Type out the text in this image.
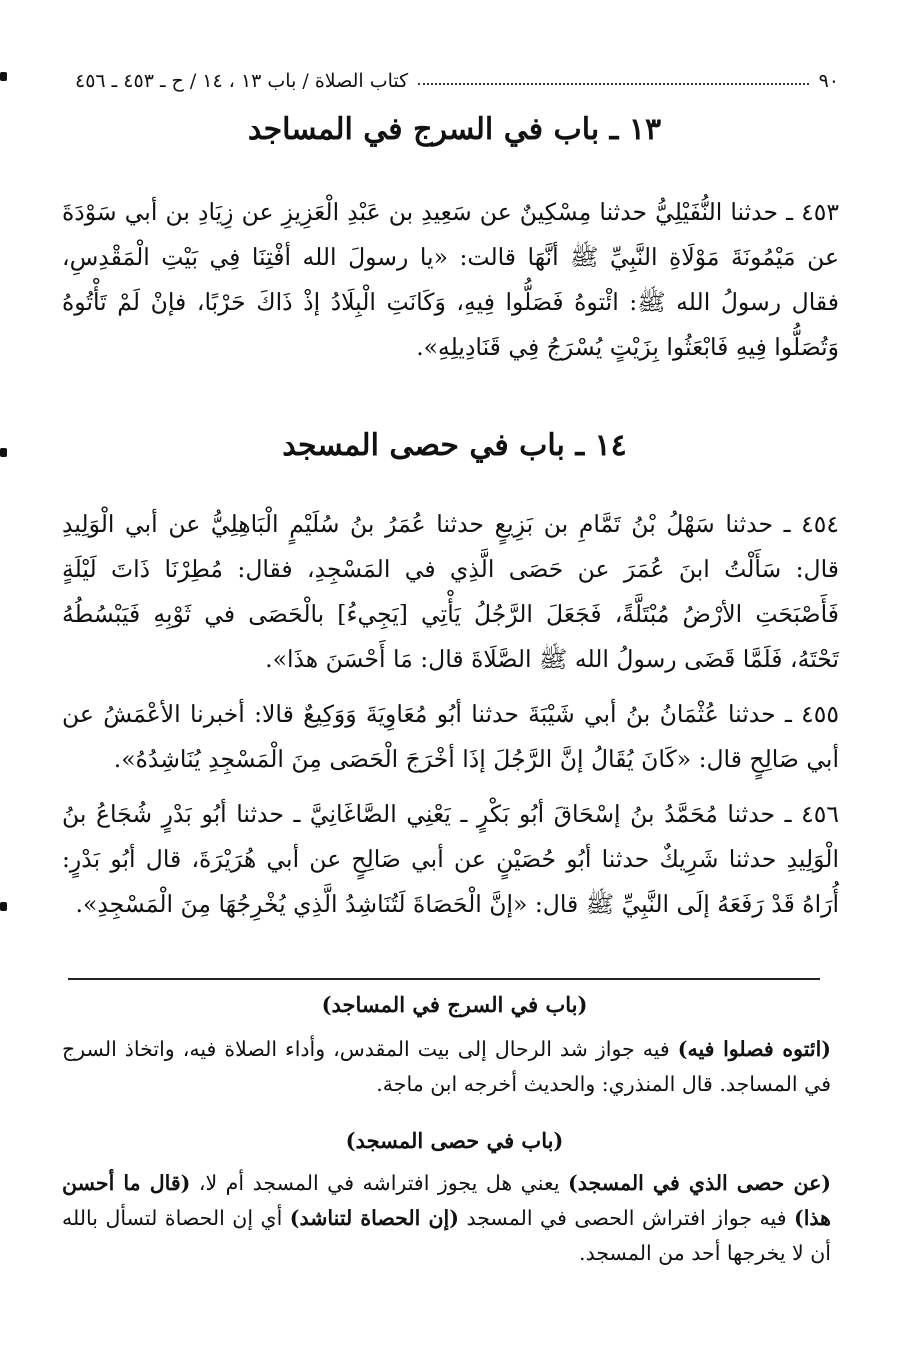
٩٠
كتاب الصلاة / باب ١٣ ، ١٤ / ح ـ ٤٥٣ ـ ٤٥٦
١٣ ـ باب في السرج في المساجد

٤٥٣ ـ حدثنا النُّفَيْلِيُّ حدثنا مِسْكِينٌ عن سَعِيدِ بن عَبْدِ الْعَزِيزِ عن زِيَادِ بن أبي سَوْدَةَ عن مَيْمُونَةَ مَوْلَاةِ النَّبِيِّ ﷺ أنَّهَا قالت: «يا رسولَ الله أفْتِنَا فِي بَيْتِ الْمَقْدِسِ، فقال رسولُ الله ﷺ: ائْتوهُ فَصَلُّوا فِيهِ، وَكَانَتِ الْبِلَادُ إذْ ذَاكَ حَرْبًا، فإنْ لَمْ تَأْتُوهُ وَتُصَلُّوا فِيهِ فَابْعَثُوا بِزَيْتٍ يُسْرَجُ فِي قَنَادِيلِهِ».

١٤ ـ باب في حصى المسجد

٤٥٤ ـ حدثنا سَهْلُ بْنُ تَمَّامِ بن بَزِيعٍ حدثنا عُمَرُ بنُ سُلَيْمٍ الْبَاهِلِيُّ عن أبي الْوَلِيدِ قال: سَأَلْتُ ابنَ عُمَرَ عن حَصَى الَّذِي في المَسْجِدِ، فقال: مُطِرْنَا ذَاتَ لَيْلَةٍ فَأَصْبَحَتِ الأرْضُ مُبْتَلَّةً، فَجَعَلَ الرَّجُلُ يَأْتِي [يَجِيءُ] بالْحَصَى في ثَوْبِهِ فَيَبْسُطُهُ تَحْتَهُ، فَلَمَّا قَضَى رسولُ الله ﷺ الصَّلَاةَ قال: مَا أَحْسَنَ هذَا».

٤٥٥ ـ حدثنا عُثْمَانُ بنُ أبي شَيْبَةَ حدثنا أبُو مُعَاوِيَةَ وَوَكِيعٌ قالا: أخبرنا الأعْمَشُ عن أبي صَالِحٍ قال: «كَانَ يُقَالُ إنَّ الرَّجُلَ إذَا أخْرَجَ الْحَصَى مِنَ الْمَسْجِدِ يُنَاشِدُهُ».

٤٥٦ ـ حدثنا مُحَمَّدُ بنُ إسْحَاقَ أبُو بَكْرٍ ـ يَعْنِي الصَّاغَانِيَّ ـ حدثنا أبُو بَدْرٍ شُجَاعُ بنُ الْوَلِيدِ حدثنا شَرِيكٌ حدثنا أبُو حُصَيْنٍ عن أبي صَالِحٍ عن أبي هُرَيْرَةَ، قال أبُو بَدْرٍ: أُرَاهُ قَدْ رَفَعَهُ إلَى النَّبِيِّ ﷺ قال: «إنَّ الْحَصَاةَ لَتُنَاشِدُ الَّذِي يُخْرِجُهَا مِنَ الْمَسْجِدِ».

(باب في السرج في المساجد)

(ائتوه فصلوا فيه) فيه جواز شد الرحال إلى بيت المقدس، وأداء الصلاة فيه، واتخاذ السرج في المساجد. قال المنذري: والحديث أخرجه ابن ماجة.

(باب في حصى المسجد)

(عن حصى الذي في المسجد) يعني هل يجوز افتراشه في المسجد أم لا، (قال ما أحسن هذا) فيه جواز افتراش الحصى في المسجد (إن الحصاة لتناشد) أي إن الحصاة لتسأل بالله أن لا يخرجها أحد من المسجد.
